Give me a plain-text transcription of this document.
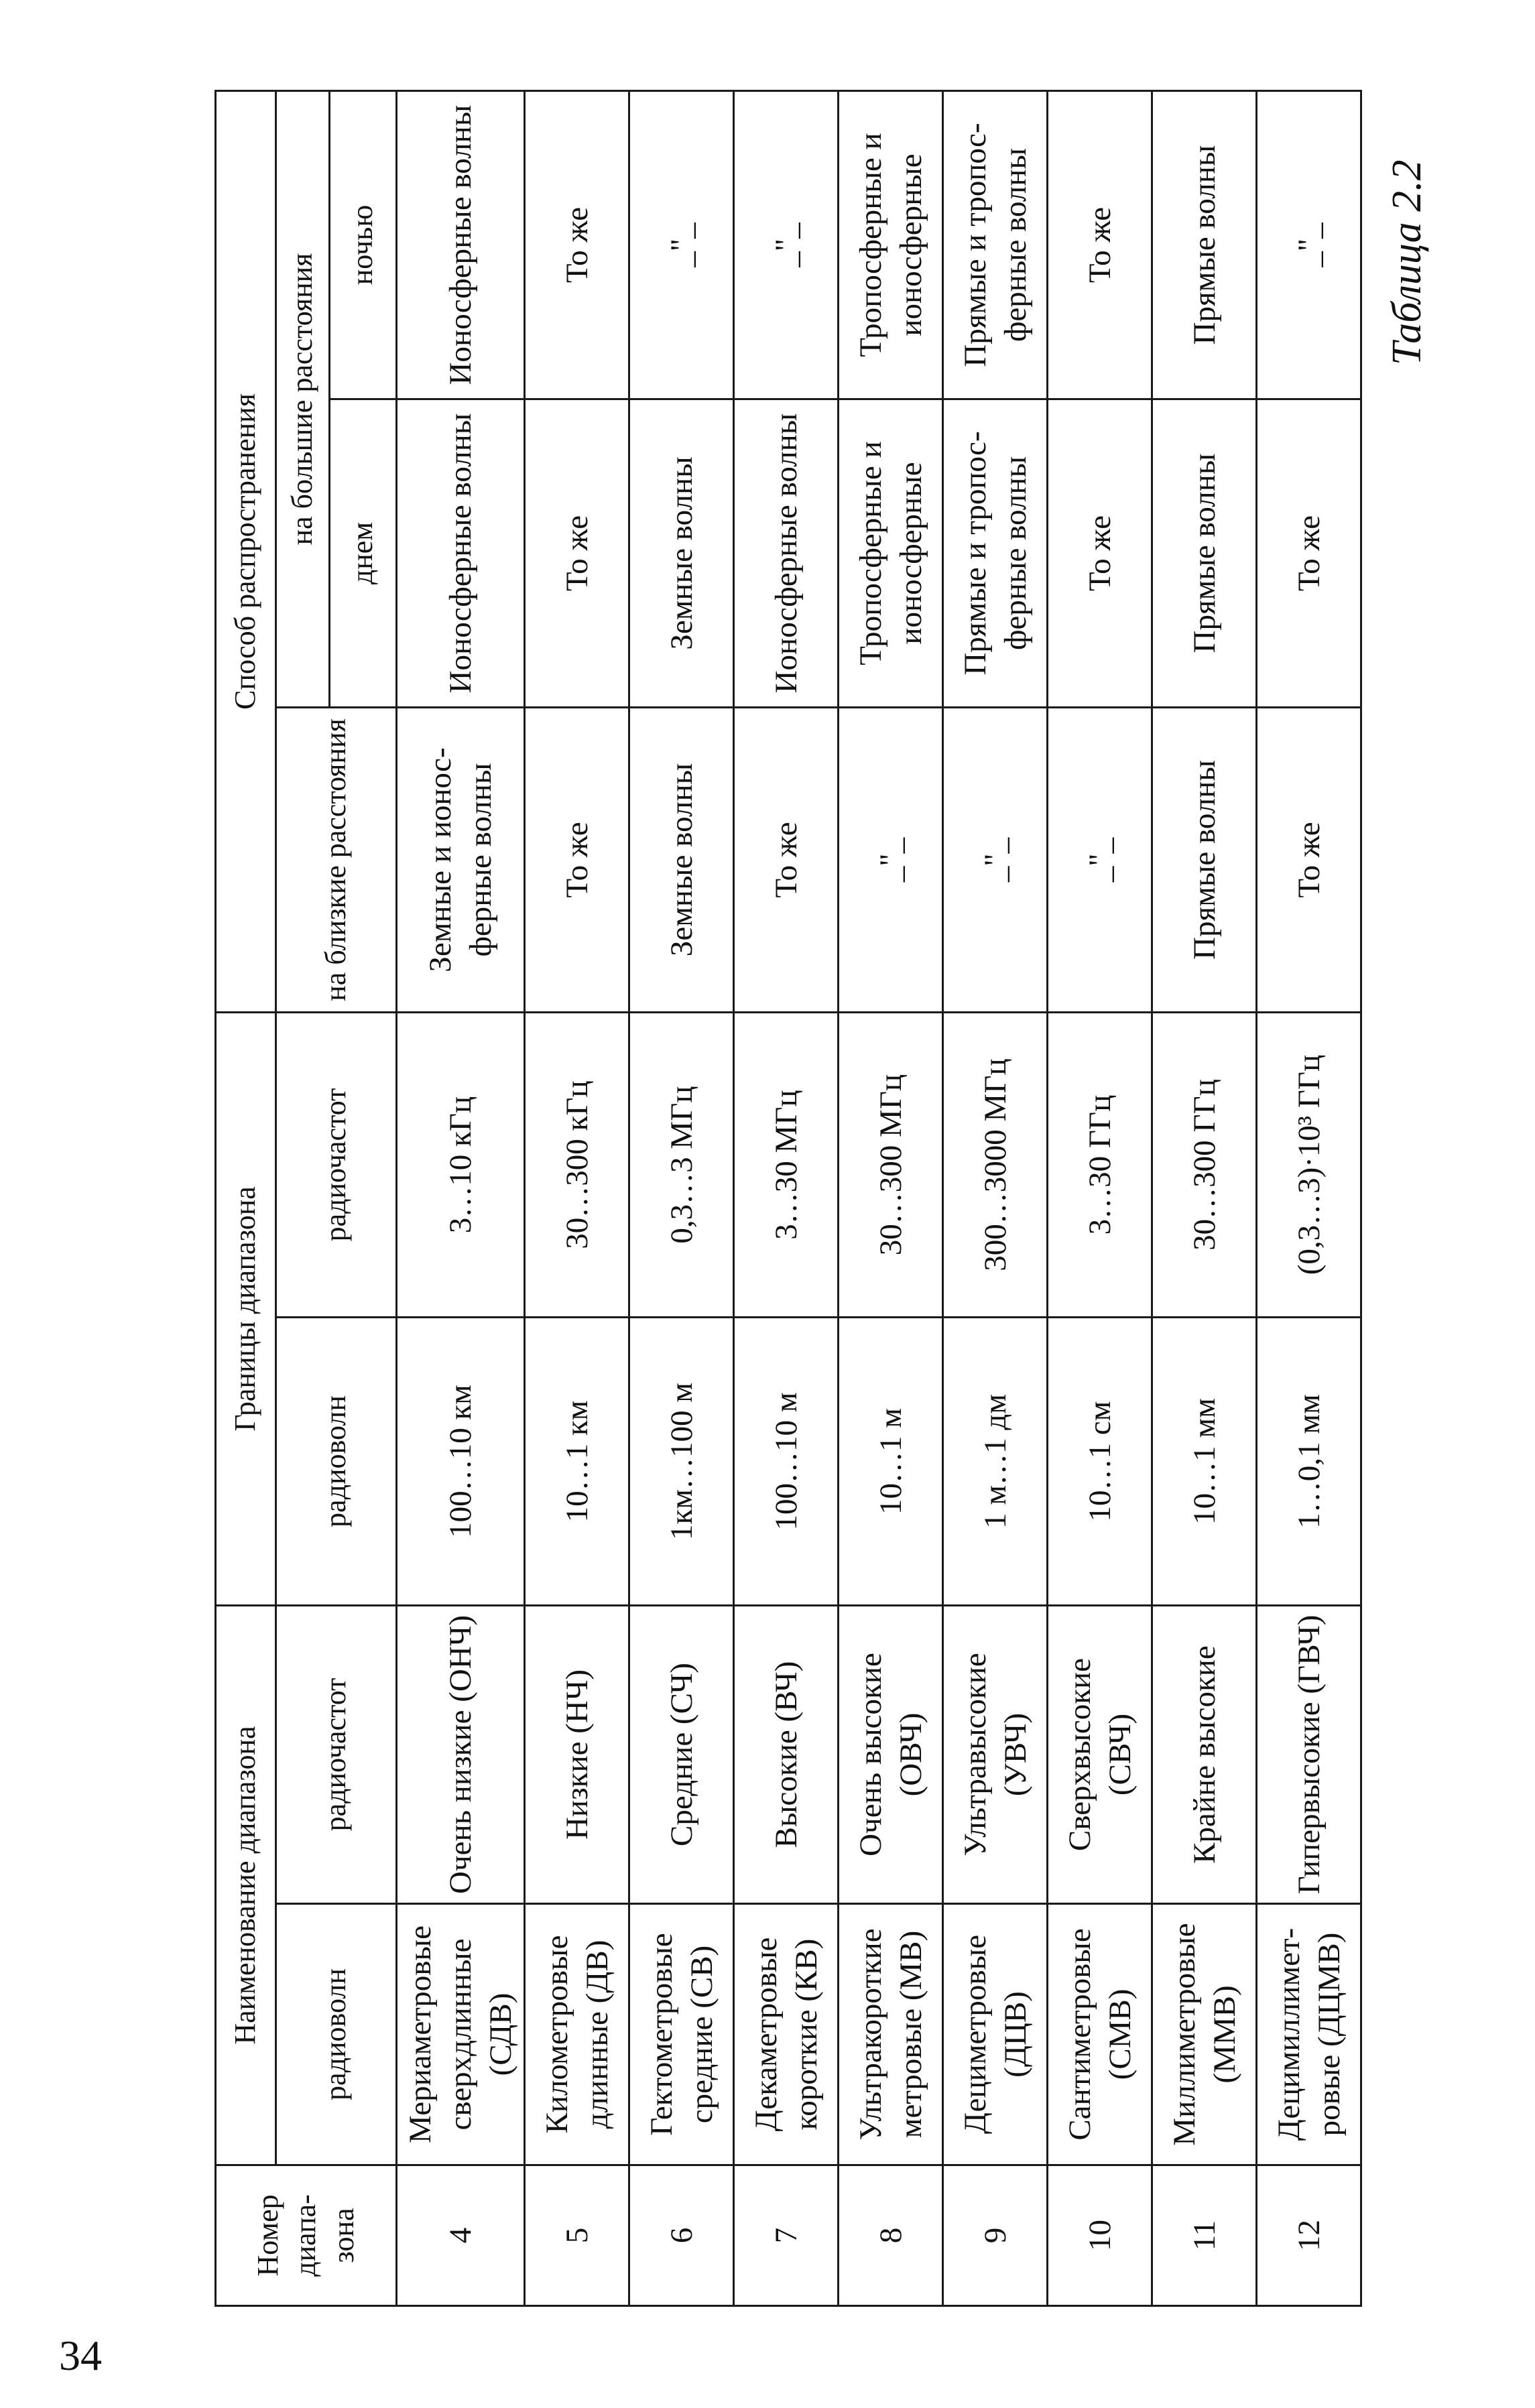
34
Таблица 2.2
Номер диапа-зона	Наименование диапазона		Границы диапазона		Способ распространения		
	радиоволн	радиочастот	радиоволн	радиочастот	на близкие расстояния	на большие расстояния	
						днем	ночью
4	Мериаметровые сверхдлинные (СДВ)	Очень низкие (ОНЧ)	100…10 км	3…10 кГц	Земные и ионос-ферные волны	Ионосферные волны	Ионосферные волны
5	Километровые длинные (ДВ)	Низкие (НЧ)	10…1 км	30…300 кГц	То же	То же	То же
6	Гектометровые средние (СВ)	Средние (СЧ)	1км…100 м	0,3…3 МГц	Земные волны	Земные волны	_"_
7	Декаметровые короткие (КВ)	Высокие (ВЧ)	100…10 м	3…30 МГц	То же	Ионосферные волны	_"_
8	Ультракороткие метровые (МВ)	Очень высокие (ОВЧ)	10…1 м	30…300 МГц	_"_	Тропосферные и ионосферные	Тропосферные и ионосферные
9	Дециметровые (ДЦВ)	Ультравысокие (УВЧ)	1 м…1 дм	300…3000 МГц	_"_	Прямые и тропос-ферные волны	Прямые и тропос-ферные волны
10	Сантиметровые (СМВ)	Сверхвысокие (СВЧ)	10…1 см	3…30 ГГц	_"_	То же	То же
11	Миллиметровые (ММВ)	Крайне высокие	10…1 мм	30…300 ГГц	Прямые волны	Прямые волны	Прямые волны
12	Децимиллимет-ровые (ДЦМВ)	Гипервысокие (ГВЧ)	1…0,1 мм	(0,3…3)·10³ ГГц	То же	То же	_"_
